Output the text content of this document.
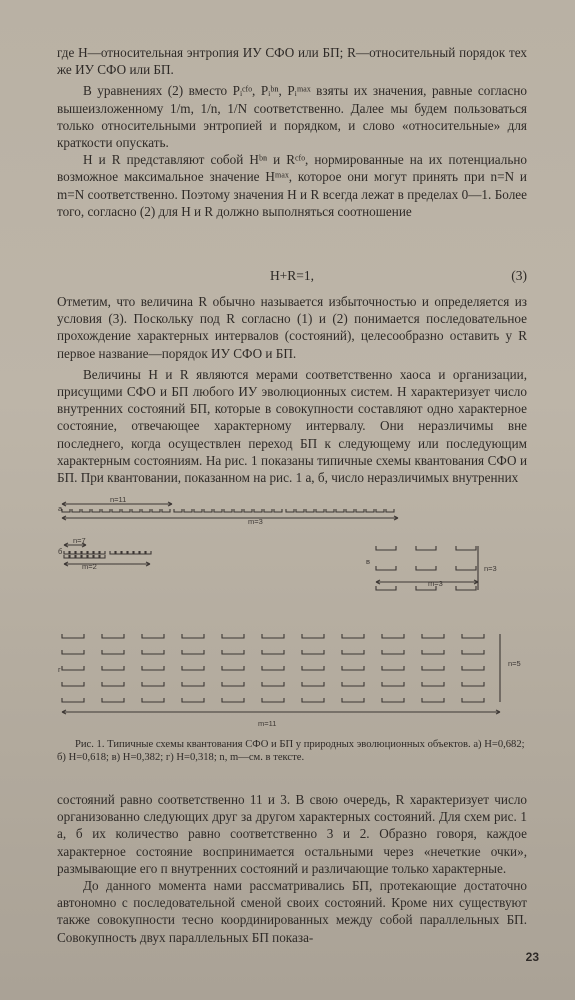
где H—относительная энтропия ИУ СФО или БП; R—относительный порядок тех же ИУ СФО или БП.

В уравнениях (2) вместо Pᵢᶜᶠᵒ, Pᵢᵇⁿ, Pᵢᵐᵃˣ взяты их значения, равные согласно вышеизложенному 1/m, 1/n, 1/N соответственно. Далее мы будем пользоваться только относительными энтропией и порядком, и слово «относительные» для краткости опускать.

H и R представляют собой Hᵇⁿ и Rᶜᶠᵒ, нормированные на их потенциально возможное максимальное значение Hᵐᵃˣ, которое они могут принять при n=N и m=N соответственно. Поэтому значения H и R всегда лежат в пределах 0—1. Более того, согласно (2) для H и R должно выполняться соотношение

H+R=1,	(3)

Отметим, что величина R обычно называется избыточностью и определяется из условия (3). Поскольку под R согласно (1) и (2) понимается последовательное прохождение характерных интервалов (состояний), целесообразно оставить у R первое название—порядок ИУ СФО и БП.

Величины H и R являются мерами соответственно хаоса и организации, присущими СФО и БП любого ИУ эволюционных систем. H характеризует число внутренних состояний БП, которые в совокупности составляют одно характерное состояние, отвечающее характерному интервалу. Они неразличимы вне последнего, когда осуществлен переход БП к следующему или последующим характерным состояниям. На рис. 1 показаны типичные схемы квантования СФО и БП. При квантовании, показанном на рис. 1 а, б, число неразличимых внутренних

а
n=11
m=3
б
n=7
m=2
в
n=3
m=3
г
n=5
m=11

Рис. 1. Типичные схемы квантования СФО и БП у природных эволюционных объектов. а) H=0,682; б) H=0,618; в) H=0,382; г) H=0,318; n, m—см. в тексте.

состояний равно соответственно 11 и 3. В свою очередь, R характеризует число организованно следующих друг за другом характерных состояний. Для схем рис. 1 а, б их количество равно соответственно 3 и 2. Образно говоря, каждое характерное состояние воспринимается остальными через «нечеткие очки», размывающие его п внутренних состояний и различающие только характерные.

До данного момента нами рассматривались БП, протекающие достаточно автономно с последовательной сменой своих состояний. Кроме них существуют также совокупности тесно координированных между собой параллельных БП. Совокупность двух параллельных БП показа-

23
